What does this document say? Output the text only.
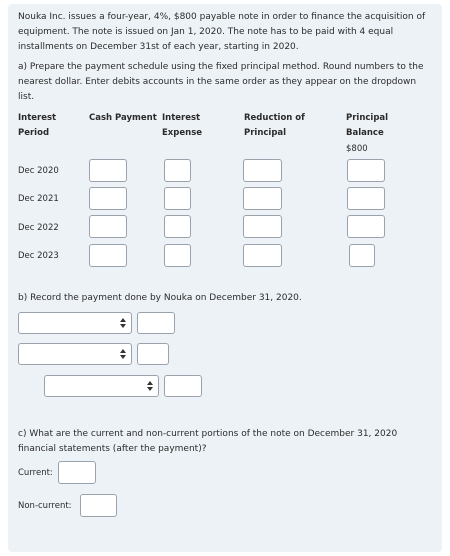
Nouka Inc. issues a four-year, 4%, $800 payable note in order to finance the acquisition of
equipment. The note is issued on Jan 1, 2020. The note has to be paid with 4 equal
installments on December 31st of each year, starting in 2020.
a) Prepare the payment schedule using the fixed principal method. Round numbers to the
nearest dollar. Enter debits accounts in the same order as they appear on the dropdown
list.
Interest
Period
Cash Payment Interest
Expense
Reduction of
Principal
Principal
Balance
$800
Dec 2020
Dec 2021
Dec 2022
Dec 2023
b) Record the payment done by Nouka on December 31, 2020.
c) What are the current and non-current portions of the note on December 31, 2020
financial statements (after the payment)?
Current:
Non-current:
